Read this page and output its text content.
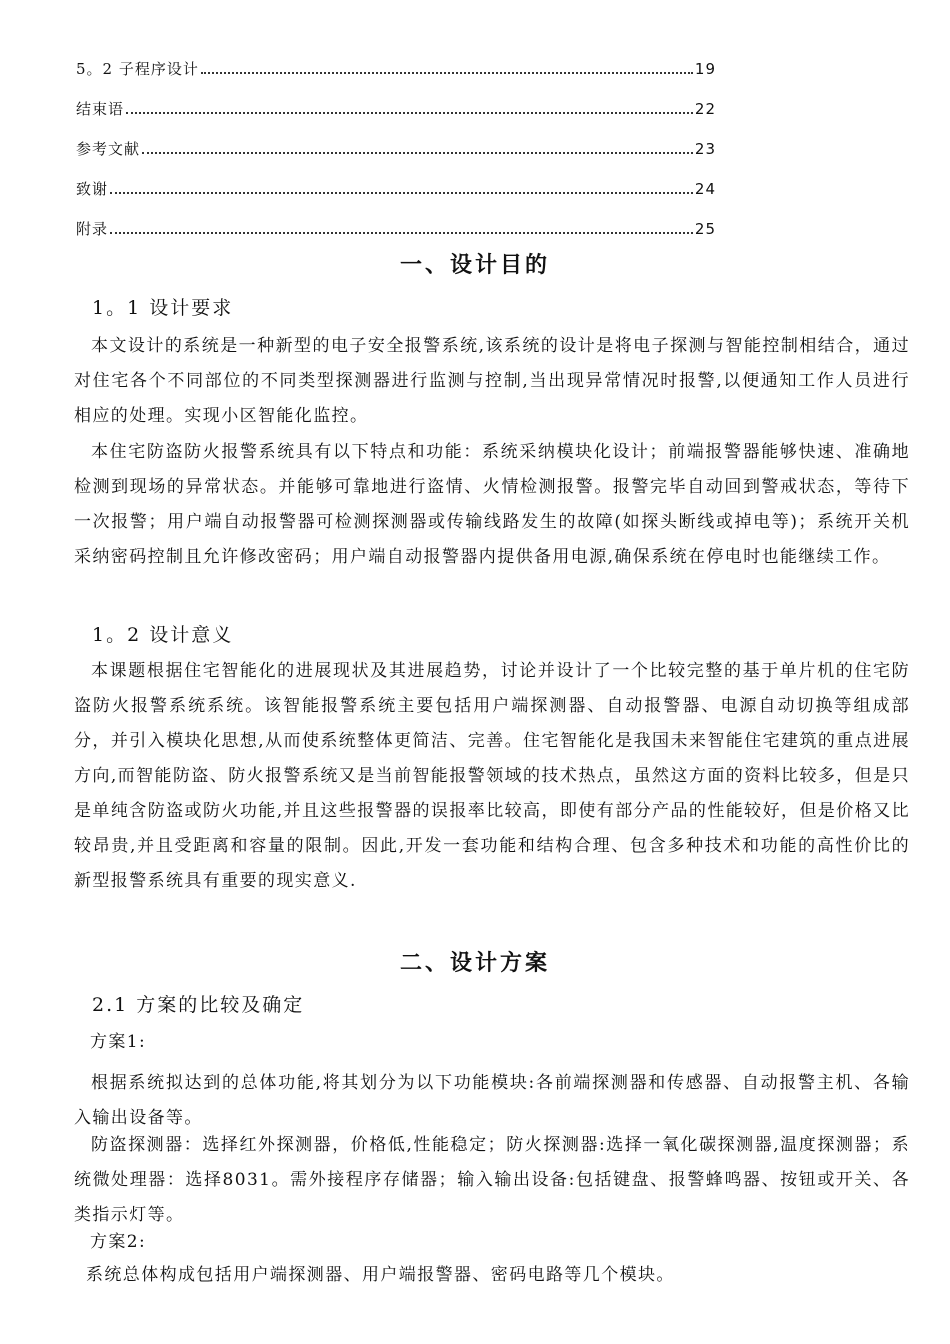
5。2 子程序设计	19
结束语	22
参考文献	23
致谢	24
附录	25
一、设计目的
1。1 设计要求

本文设计的系统是一种新型的电子安全报警系统,该系统的设计是将电子探测与智能控制相结合，通过对住宅各个不同部位的不同类型探测器进行监测与控制,当出现异常情况时报警,以便通知工作人员进行相应的处理。实现小区智能化监控。

本住宅防盗防火报警系统具有以下特点和功能：系统采纳模块化设计；前端报警器能够快速、准确地检测到现场的异常状态。并能够可靠地进行盗情、火情检测报警。报警完毕自动回到警戒状态，等待下一次报警；用户端自动报警器可检测探测器或传输线路发生的故障(如探头断线或掉电等)；系统开关机采纳密码控制且允许修改密码；用户端自动报警器内提供备用电源,确保系统在停电时也能继续工作。

1。2 设计意义

本课题根据住宅智能化的进展现状及其进展趋势，讨论并设计了一个比较完整的基于单片机的住宅防盗防火报警系统系统。该智能报警系统主要包括用户端探测器、自动报警器、电源自动切换等组成部分，并引入模块化思想,从而使系统整体更简洁、完善。住宅智能化是我国未来智能住宅建筑的重点进展方向,而智能防盗、防火报警系统又是当前智能报警领域的技术热点，虽然这方面的资料比较多，但是只是单纯含防盗或防火功能,并且这些报警器的误报率比较高，即使有部分产品的性能较好，但是价格又比较昂贵,并且受距离和容量的限制。因此,开发一套功能和结构合理、包含多种技术和功能的高性价比的新型报警系统具有重要的现实意义.

二、设计方案
2.1 方案的比较及确定
方案1:

根据系统拟达到的总体功能,将其划分为以下功能模块:各前端探测器和传感器、自动报警主机、各输入输出设备等。

防盗探测器：选择红外探测器，价格低,性能稳定；防火探测器:选择一氧化碳探测器,温度探测器；系统微处理器：选择8031。需外接程序存储器；输入输出设备:包括键盘、报警蜂鸣器、按钮或开关、各类指示灯等。

方案2:
系统总体构成包括用户端探测器、用户端报警器、密码电路等几个模块。
